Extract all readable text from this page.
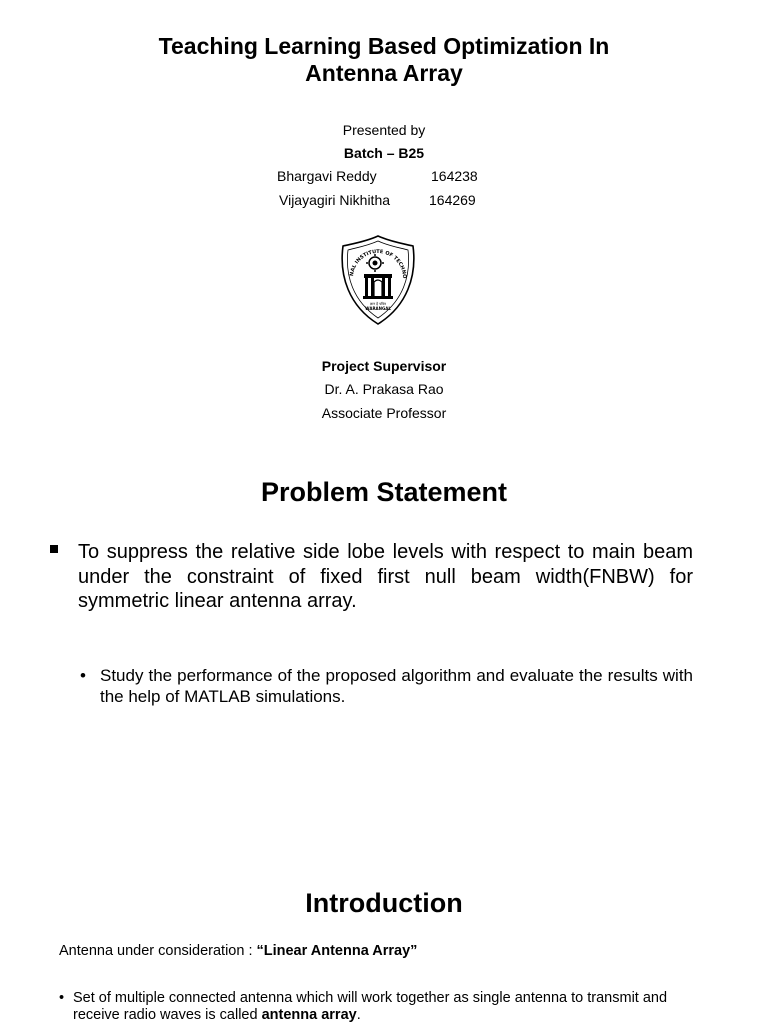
Teaching Learning Based Optimization In
Antenna Array
Presented by
Batch – B25
Bhargavi Reddy	164238
Vijayagiri Nikhitha	164269
NAL INSTITUTE OF TECHNO
ज्ञान है पवित्र
WARANGAL
Project Supervisor
Dr. A. Prakasa Rao
Associate Professor
Problem Statement
To suppress the relative side lobe levels with respect to main beam under the constraint of fixed first null beam width(FNBW) for symmetric linear antenna array.
• Study the performance of the proposed algorithm and evaluate the results with the help of MATLAB simulations.
Introduction
Antenna under consideration : “Linear Antenna Array”
• Set of multiple connected antenna which will work together as single antenna to transmit and receive radio waves is called antenna array.
